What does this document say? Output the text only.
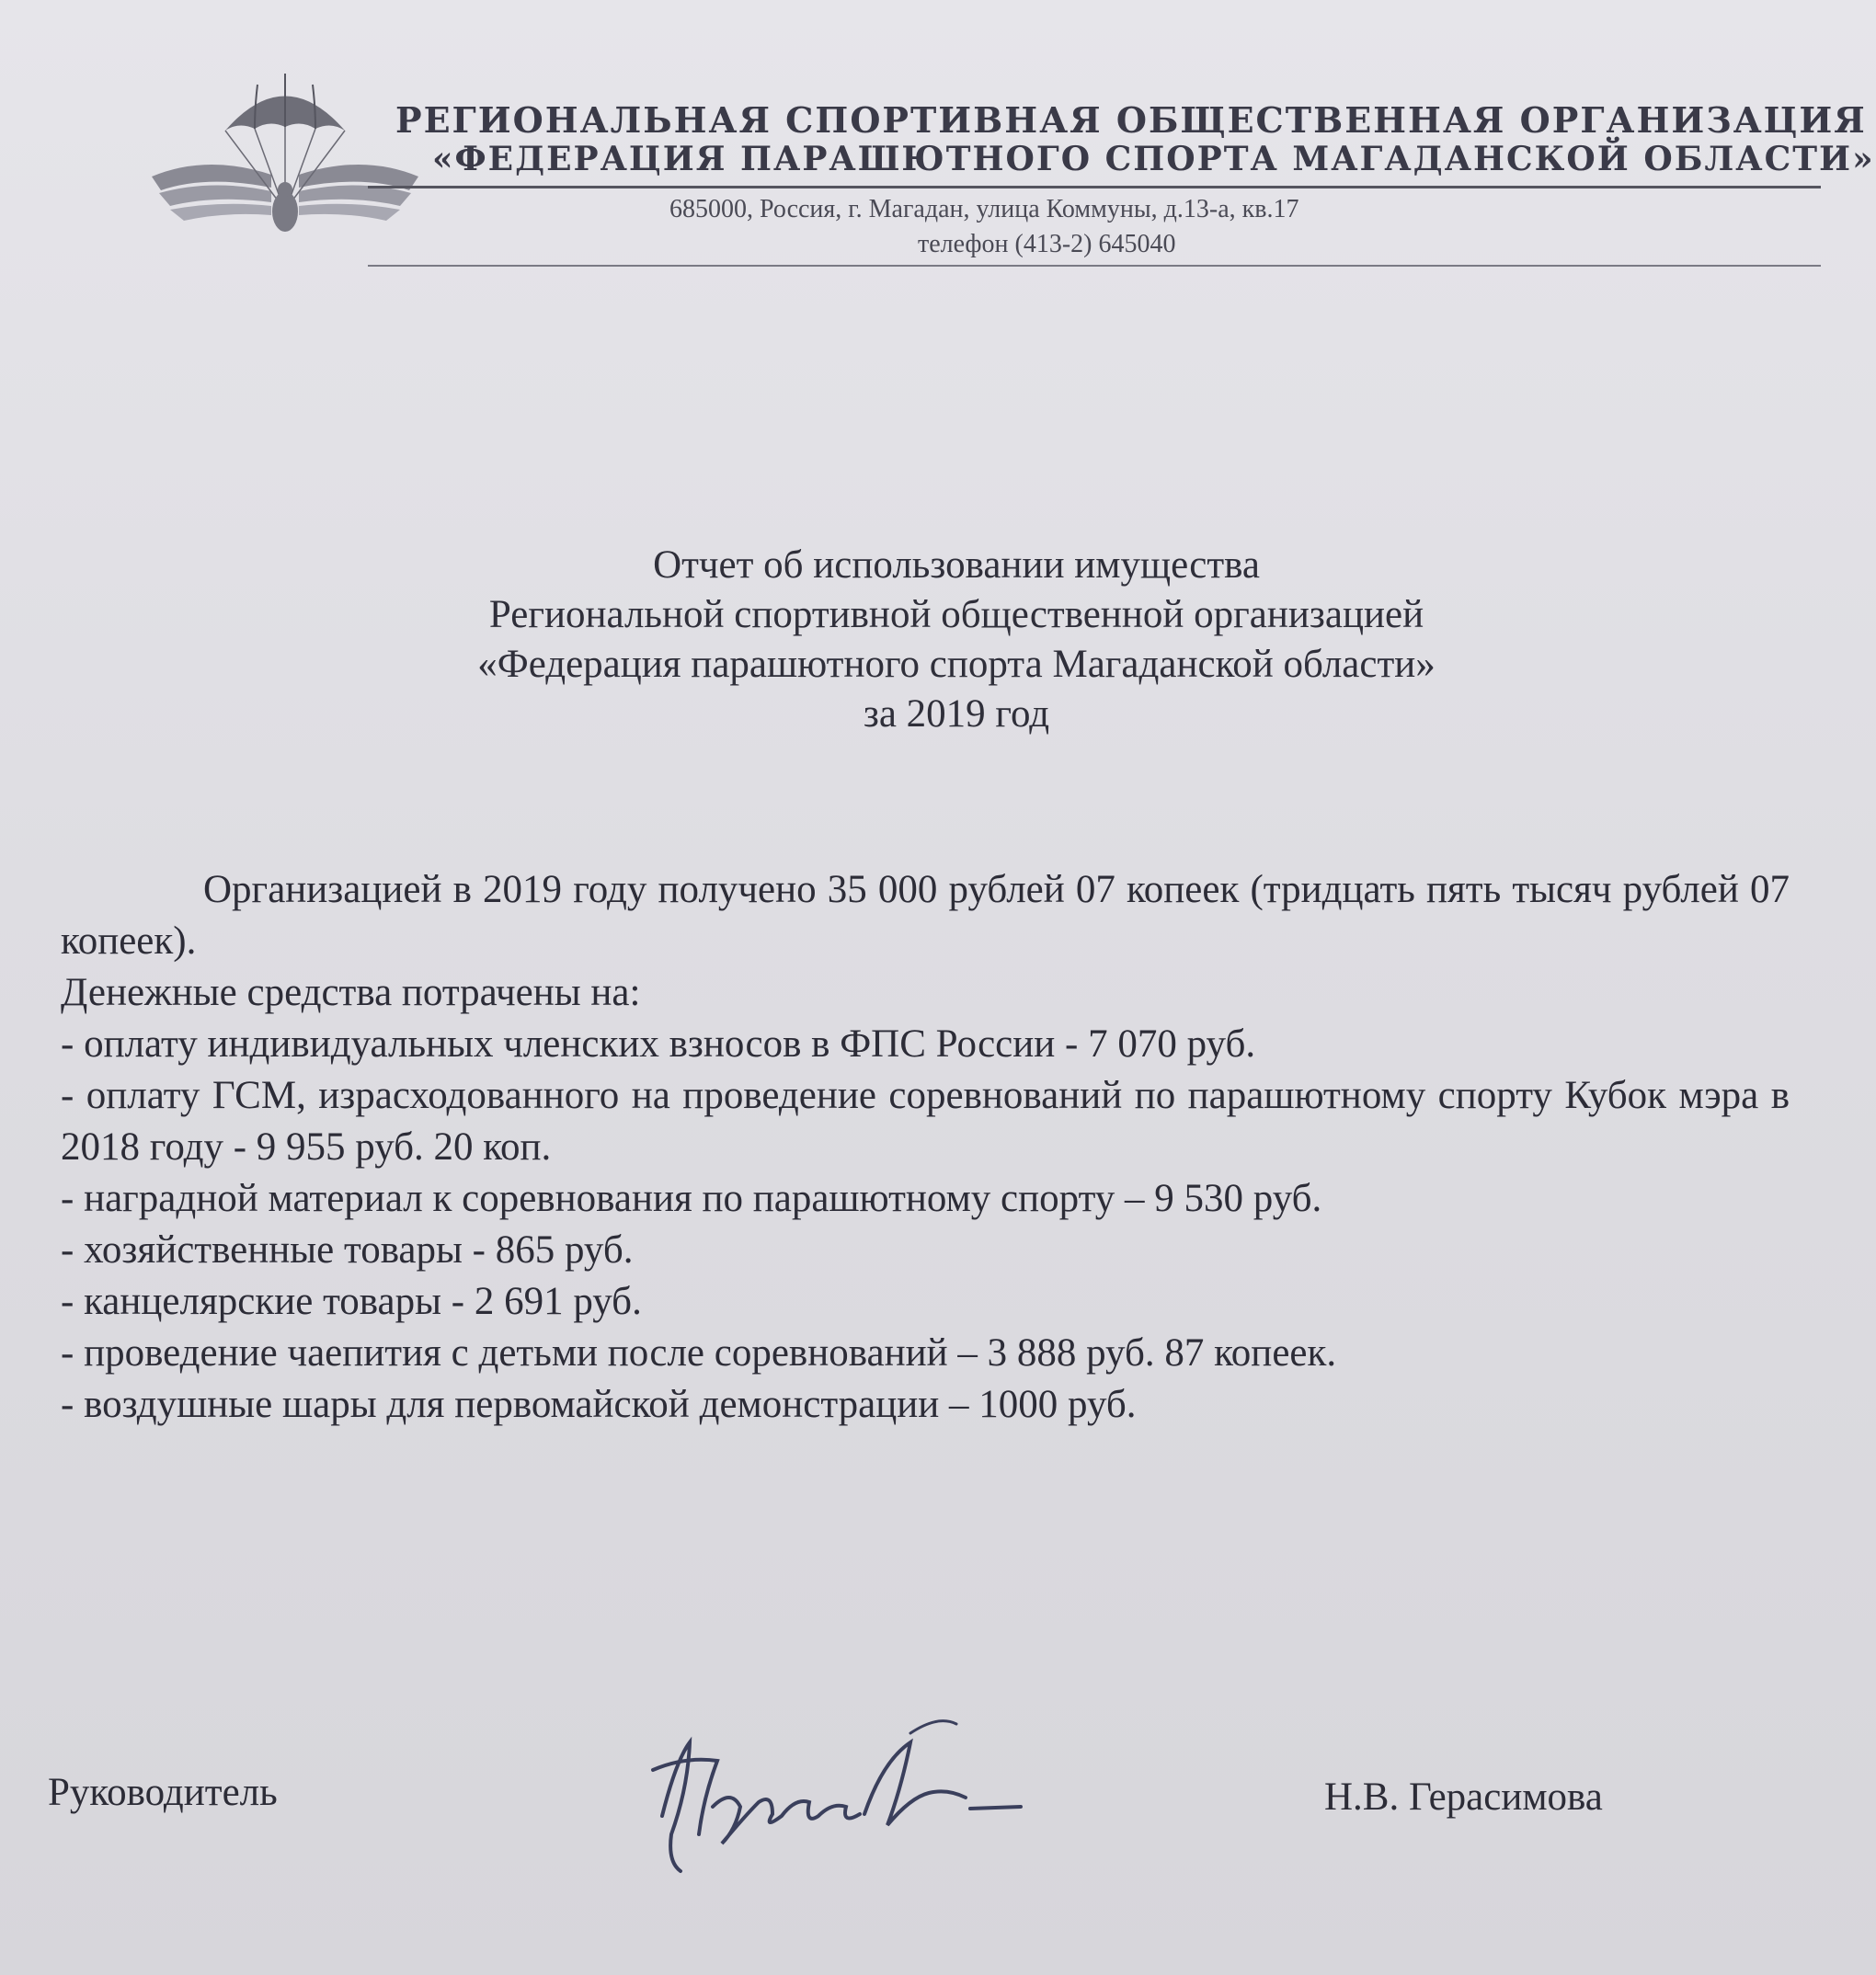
РЕГИОНАЛЬНАЯ СПОРТИВНАЯ ОБЩЕСТВЕННАЯ ОРГАНИЗАЦИЯ
«ФЕДЕРАЦИЯ ПАРАШЮТНОГО СПОРТА МАГАДАНСКОЙ ОБЛАСТИ»
685000, Россия, г. Магадан, улица Коммуны, д.13-а, кв.17
телефон (413-2) 645040
Отчет об использовании имущества
Региональной спортивной общественной организацией
«Федерация парашютного спорта Магаданской области»
за 2019 год

Организацией в 2019 году получено 35 000 рублей 07 копеек (тридцать пять тысяч рублей 07 копеек).

Денежные средства потрачены на:

- оплату индивидуальных членских взносов в ФПС России - 7 070 руб.

- оплату ГСМ, израсходованного на проведение соревнований по парашютному спорту Кубок мэра в 2018 году - 9 955 руб. 20 коп.

- наградной материал к соревнования по парашютному спорту – 9 530 руб.

- хозяйственные товары - 865 руб.

- канцелярские товары - 2 691 руб.

- проведение чаепития с детьми после соревнований – 3 888 руб. 87 копеек.

- воздушные шары для первомайской демонстрации – 1000 руб.

Руководитель	Н.В. Герасимова
